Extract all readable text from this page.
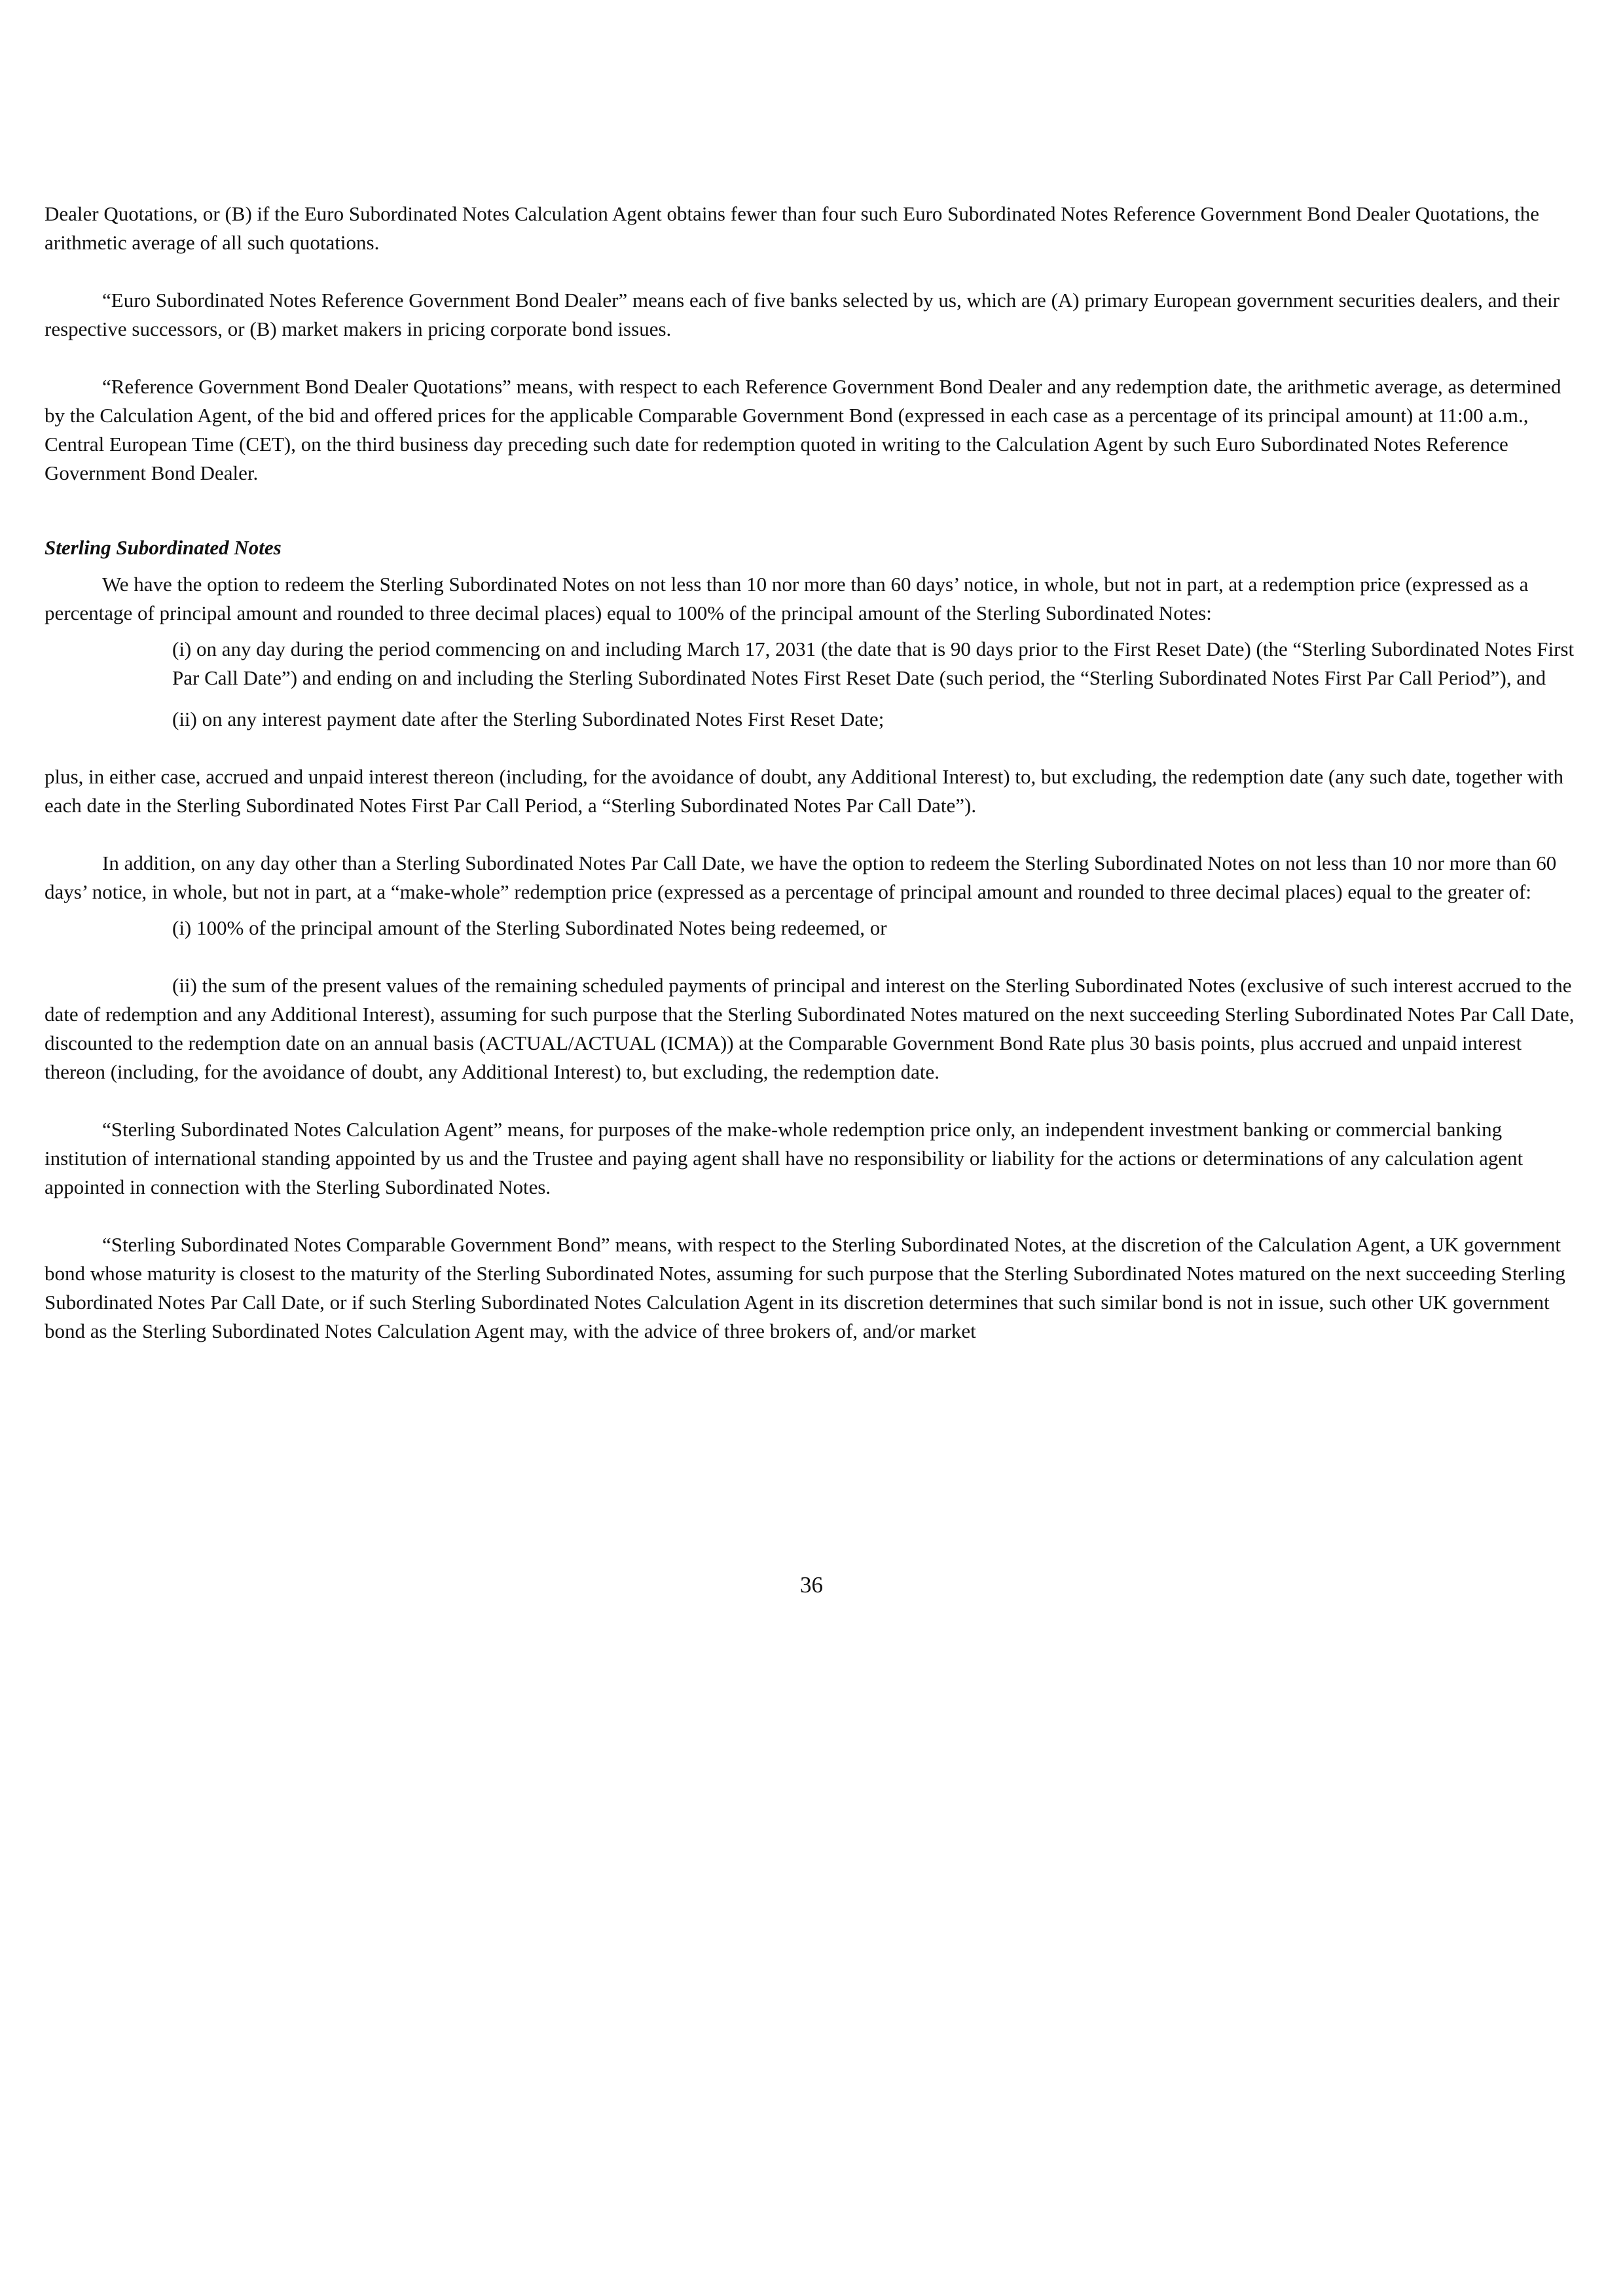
Dealer Quotations, or (B) if the Euro Subordinated Notes Calculation Agent obtains fewer than four such Euro Subordinated Notes Reference Government Bond Dealer Quotations, the arithmetic average of all such quotations.

“Euro Subordinated Notes Reference Government Bond Dealer” means each of five banks selected by us, which are (A) primary European government securities dealers, and their respective successors, or (B) market makers in pricing corporate bond issues.

“Reference Government Bond Dealer Quotations” means, with respect to each Reference Government Bond Dealer and any redemption date, the arithmetic average, as determined by the Calculation Agent, of the bid and offered prices for the applicable Comparable Government Bond (expressed in each case as a percentage of its principal amount) at 11:00 a.m., Central European Time (CET), on the third business day preceding such date for redemption quoted in writing to the Calculation Agent by such Euro Subordinated Notes Reference Government Bond Dealer.

Sterling Subordinated Notes

We have the option to redeem the Sterling Subordinated Notes on not less than 10 nor more than 60 days’ notice, in whole, but not in part, at a redemption price (expressed as a percentage of principal amount and rounded to three decimal places) equal to 100% of the principal amount of the Sterling Subordinated Notes:

(i) on any day during the period commencing on and including March 17, 2031 (the date that is 90 days prior to the First Reset Date) (the “Sterling Subordinated Notes First Par Call Date”) and ending on and including the Sterling Subordinated Notes First Reset Date (such period, the “Sterling Subordinated Notes First Par Call Period”), and

(ii) on any interest payment date after the Sterling Subordinated Notes First Reset Date;

plus, in either case, accrued and unpaid interest thereon (including, for the avoidance of doubt, any Additional Interest) to, but excluding, the redemption date (any such date, together with each date in the Sterling Subordinated Notes First Par Call Period, a “Sterling Subordinated Notes Par Call Date”).

In addition, on any day other than a Sterling Subordinated Notes Par Call Date, we have the option to redeem the Sterling Subordinated Notes on not less than 10 nor more than 60 days’ notice, in whole, but not in part, at a “make-whole” redemption price (expressed as a percentage of principal amount and rounded to three decimal places) equal to the greater of:

(i) 100% of the principal amount of the Sterling Subordinated Notes being redeemed, or

(ii) the sum of the present values of the remaining scheduled payments of principal and interest on the Sterling Subordinated Notes (exclusive of such interest accrued to the date of redemption and any Additional Interest), assuming for such purpose that the Sterling Subordinated Notes matured on the next succeeding Sterling Subordinated Notes Par Call Date, discounted to the redemption date on an annual basis (ACTUAL/ACTUAL (ICMA)) at the Comparable Government Bond Rate plus 30 basis points, plus accrued and unpaid interest thereon (including, for the avoidance of doubt, any Additional Interest) to, but excluding, the redemption date.

“Sterling Subordinated Notes Calculation Agent” means, for purposes of the make-whole redemption price only, an independent investment banking or commercial banking institution of international standing appointed by us and the Trustee and paying agent shall have no responsibility or liability for the actions or determinations of any calculation agent appointed in connection with the Sterling Subordinated Notes.

“Sterling Subordinated Notes Comparable Government Bond” means, with respect to the Sterling Subordinated Notes, at the discretion of the Calculation Agent, a UK government bond whose maturity is closest to the maturity of the Sterling Subordinated Notes, assuming for such purpose that the Sterling Subordinated Notes matured on the next succeeding Sterling Subordinated Notes Par Call Date, or if such Sterling Subordinated Notes Calculation Agent in its discretion determines that such similar bond is not in issue, such other UK government bond as the Sterling Subordinated Notes Calculation Agent may, with the advice of three brokers of, and/or market

36
